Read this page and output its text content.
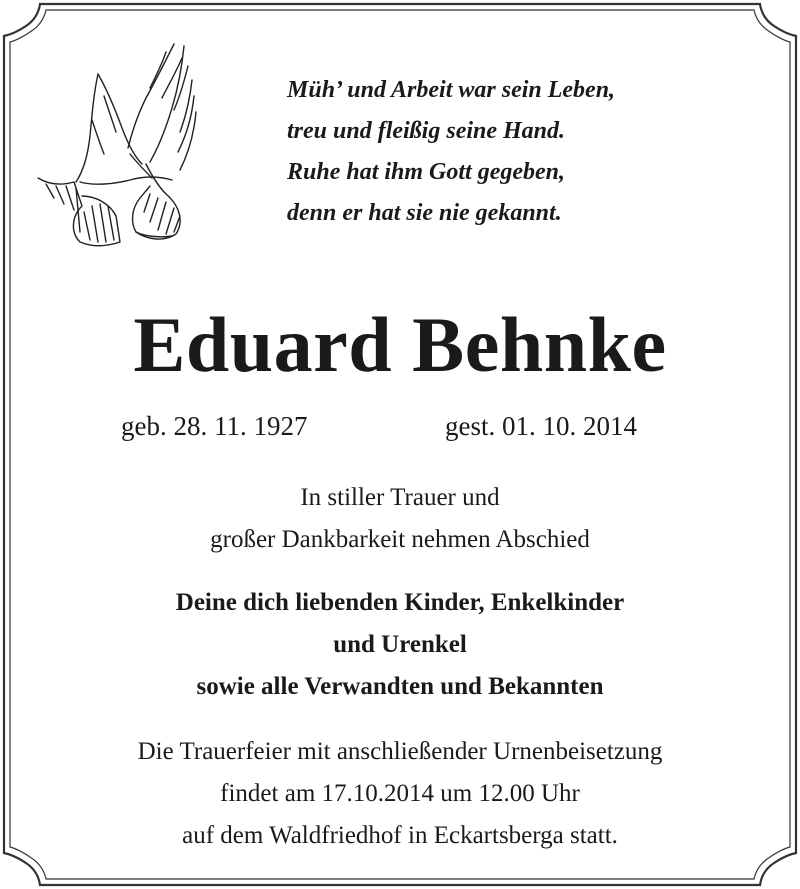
Müh’ und Arbeit war sein Leben,
treu und fleißig seine Hand.
Ruhe hat ihm Gott gegeben,
denn er hat sie nie gekannt.
Eduard Behnke
geb. 28. 11. 1927	gest. 01. 10. 2014
In stiller Trauer und
großer Dankbarkeit nehmen Abschied
Deine dich liebenden Kinder, Enkelkinder
und Urenkel
sowie alle Verwandten und Bekannten
Die Trauerfeier mit anschließender Urnenbeisetzung
findet am 17.10.2014 um 12.00 Uhr
auf dem Waldfriedhof in Eckartsberga statt.
